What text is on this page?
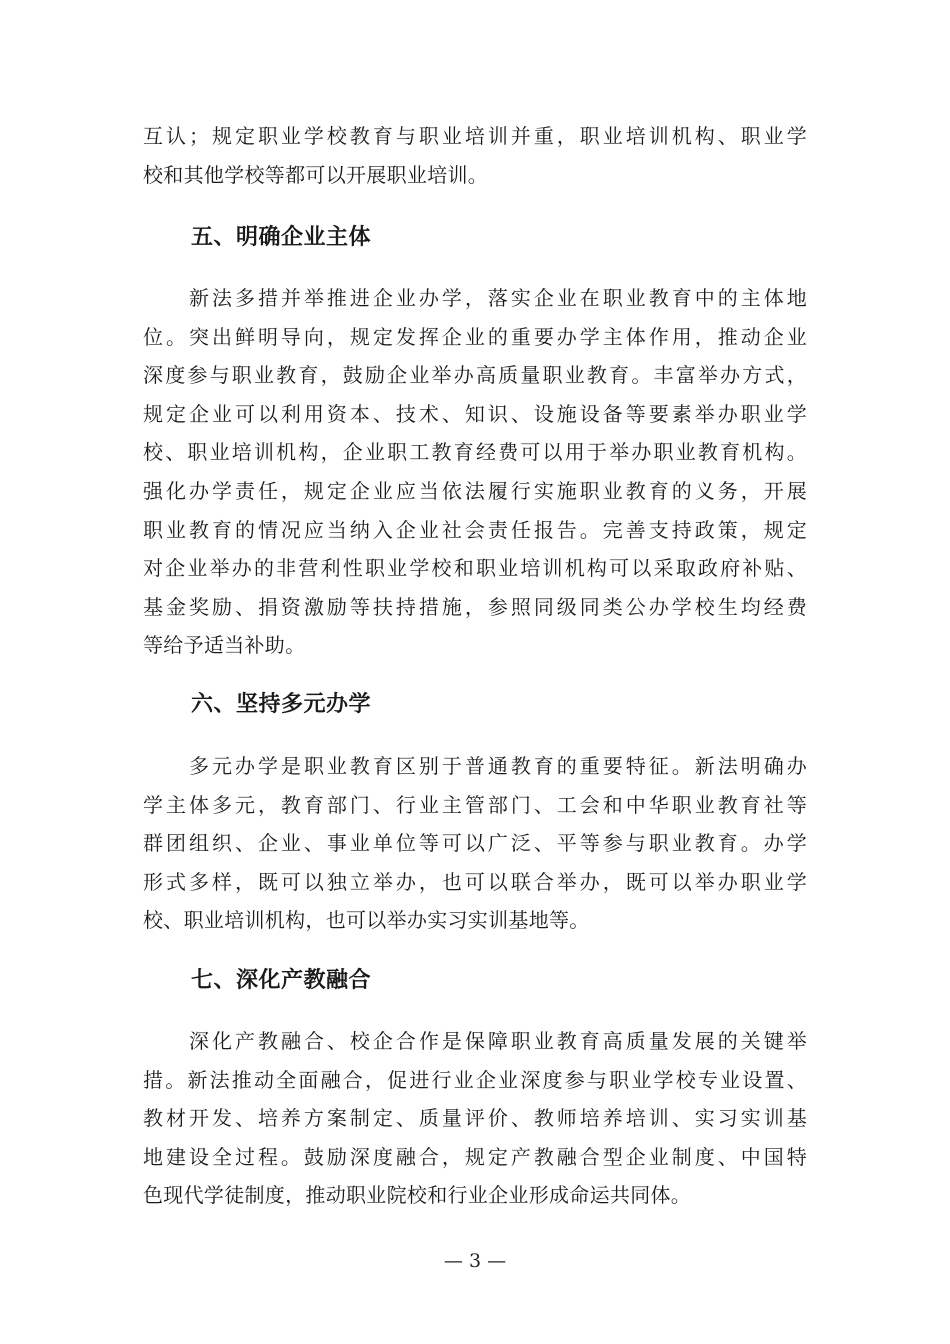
互认；规定职业学校教育与职业培训并重，职业培训机构、职业学
校和其他学校等都可以开展职业培训。
五、明确企业主体
新法多措并举推进企业办学，落实企业在职业教育中的主体地
位。突出鲜明导向，规定发挥企业的重要办学主体作用，推动企业
深度参与职业教育，鼓励企业举办高质量职业教育。丰富举办方式，
规定企业可以利用资本、技术、知识、设施设备等要素举办职业学
校、职业培训机构，企业职工教育经费可以用于举办职业教育机构。
强化办学责任，规定企业应当依法履行实施职业教育的义务，开展
职业教育的情况应当纳入企业社会责任报告。完善支持政策，规定
对企业举办的非营利性职业学校和职业培训机构可以采取政府补贴、
基金奖励、捐资激励等扶持措施，参照同级同类公办学校生均经费
等给予适当补助。
六、坚持多元办学
多元办学是职业教育区别于普通教育的重要特征。新法明确办
学主体多元，教育部门、行业主管部门、工会和中华职业教育社等
群团组织、企业、事业单位等可以广泛、平等参与职业教育。办学
形式多样，既可以独立举办，也可以联合举办，既可以举办职业学
校、职业培训机构，也可以举办实习实训基地等。
七、深化产教融合
深化产教融合、校企合作是保障职业教育高质量发展的关键举
措。新法推动全面融合，促进行业企业深度参与职业学校专业设置、
教材开发、培养方案制定、质量评价、教师培养培训、实习实训基
地建设全过程。鼓励深度融合，规定产教融合型企业制度、中国特
色现代学徒制度，推动职业院校和行业企业形成命运共同体。
— 3 —
